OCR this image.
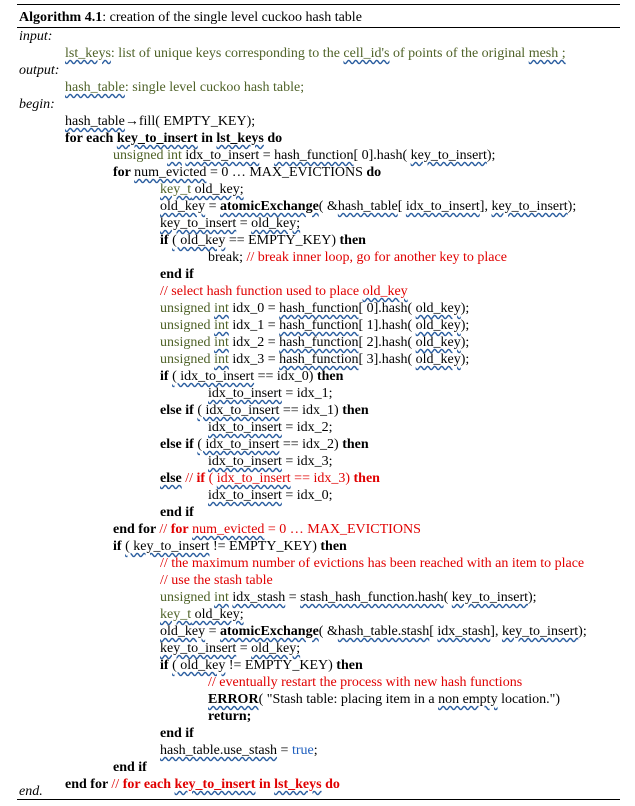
Algorithm 4.1: creation of the single level cuckoo hash table
input:
output:
begin:
end.
lst_keys: list of unique keys corresponding to the cell_id's of points of the original mesh ;
hash_table: single level cuckoo hash table;
hash_table→fill( EMPTY_KEY);
for each key_to_insert in lst_keys do
unsigned int idx_to_insert = hash_function[ 0].hash( key_to_insert);
for num_evicted = 0 … MAX_EVICTIONS do
key_t old_key;
old_key = atomicExchange( &hash_table[ idx_to_insert], key_to_insert);
key_to_insert = old_key;
if ( old_key == EMPTY_KEY) then
break; // break inner loop, go for another key to place
end if
// select hash function used to place old_key
unsigned int idx_0 = hash_function[ 0].hash( old_key);
unsigned int idx_1 = hash_function[ 1].hash( old_key);
unsigned int idx_2 = hash_function[ 2].hash( old_key);
unsigned int idx_3 = hash_function[ 3].hash( old_key);
if ( idx_to_insert == idx_0) then
idx_to_insert = idx_1;
else if ( idx_to_insert == idx_1) then
idx_to_insert = idx_2;
else if ( idx_to_insert == idx_2) then
idx_to_insert = idx_3;
else // if ( idx_to_insert == idx_3) then
idx_to_insert = idx_0;
end if
end for // for num_evicted = 0 … MAX_EVICTIONS
if ( key_to_insert != EMPTY_KEY) then
// the maximum number of evictions has been reached with an item to place
// use the stash table
unsigned int idx_stash = stash_hash_function.hash( key_to_insert);
key_t old_key;
old_key = atomicExchange( &hash_table.stash[ idx_stash], key_to_insert);
key_to_insert = old_key;
if ( old_key != EMPTY_KEY) then
// eventually restart the process with new hash functions
ERROR( "Stash table: placing item in a non empty location.")
return;
end if
hash_table.use_stash = true;
end if
end for // for each key_to_insert in lst_keys do
